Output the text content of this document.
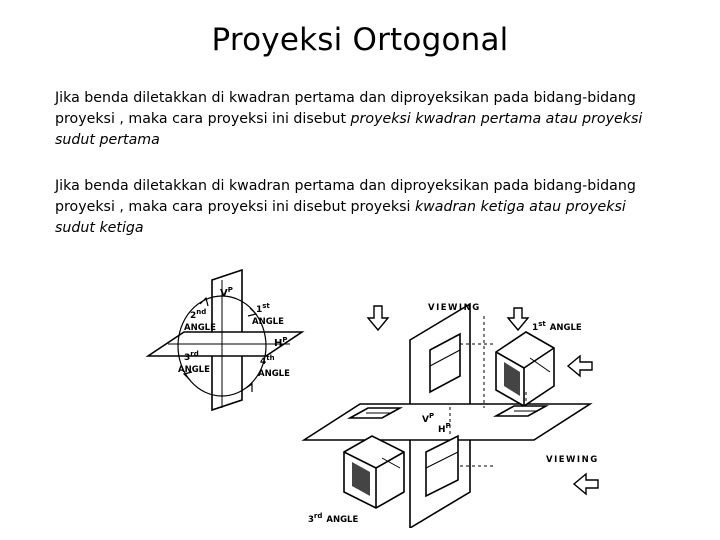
Proyeksi Ortogonal
Jika benda diletakkan di kwadran pertama dan diproyeksikan pada bidang-bidang proyeksi , maka cara proyeksi ini disebut proyeksi kwadran pertama atau proyeksi sudut pertama
Jika benda diletakkan di kwadran pertama dan diproyeksikan pada bidang-bidang proyeksi , maka cara proyeksi ini disebut proyeksi kwadran ketiga atau proyeksi sudut ketiga
$V^P$
1st
ANGLE
2nd
ANGLE
$H^P$
3rd
ANGLE
4th
ANGLE
VIEWING
VIEWING
1st ANGLE
3rd ANGLE
$V^P$
$H^P$
